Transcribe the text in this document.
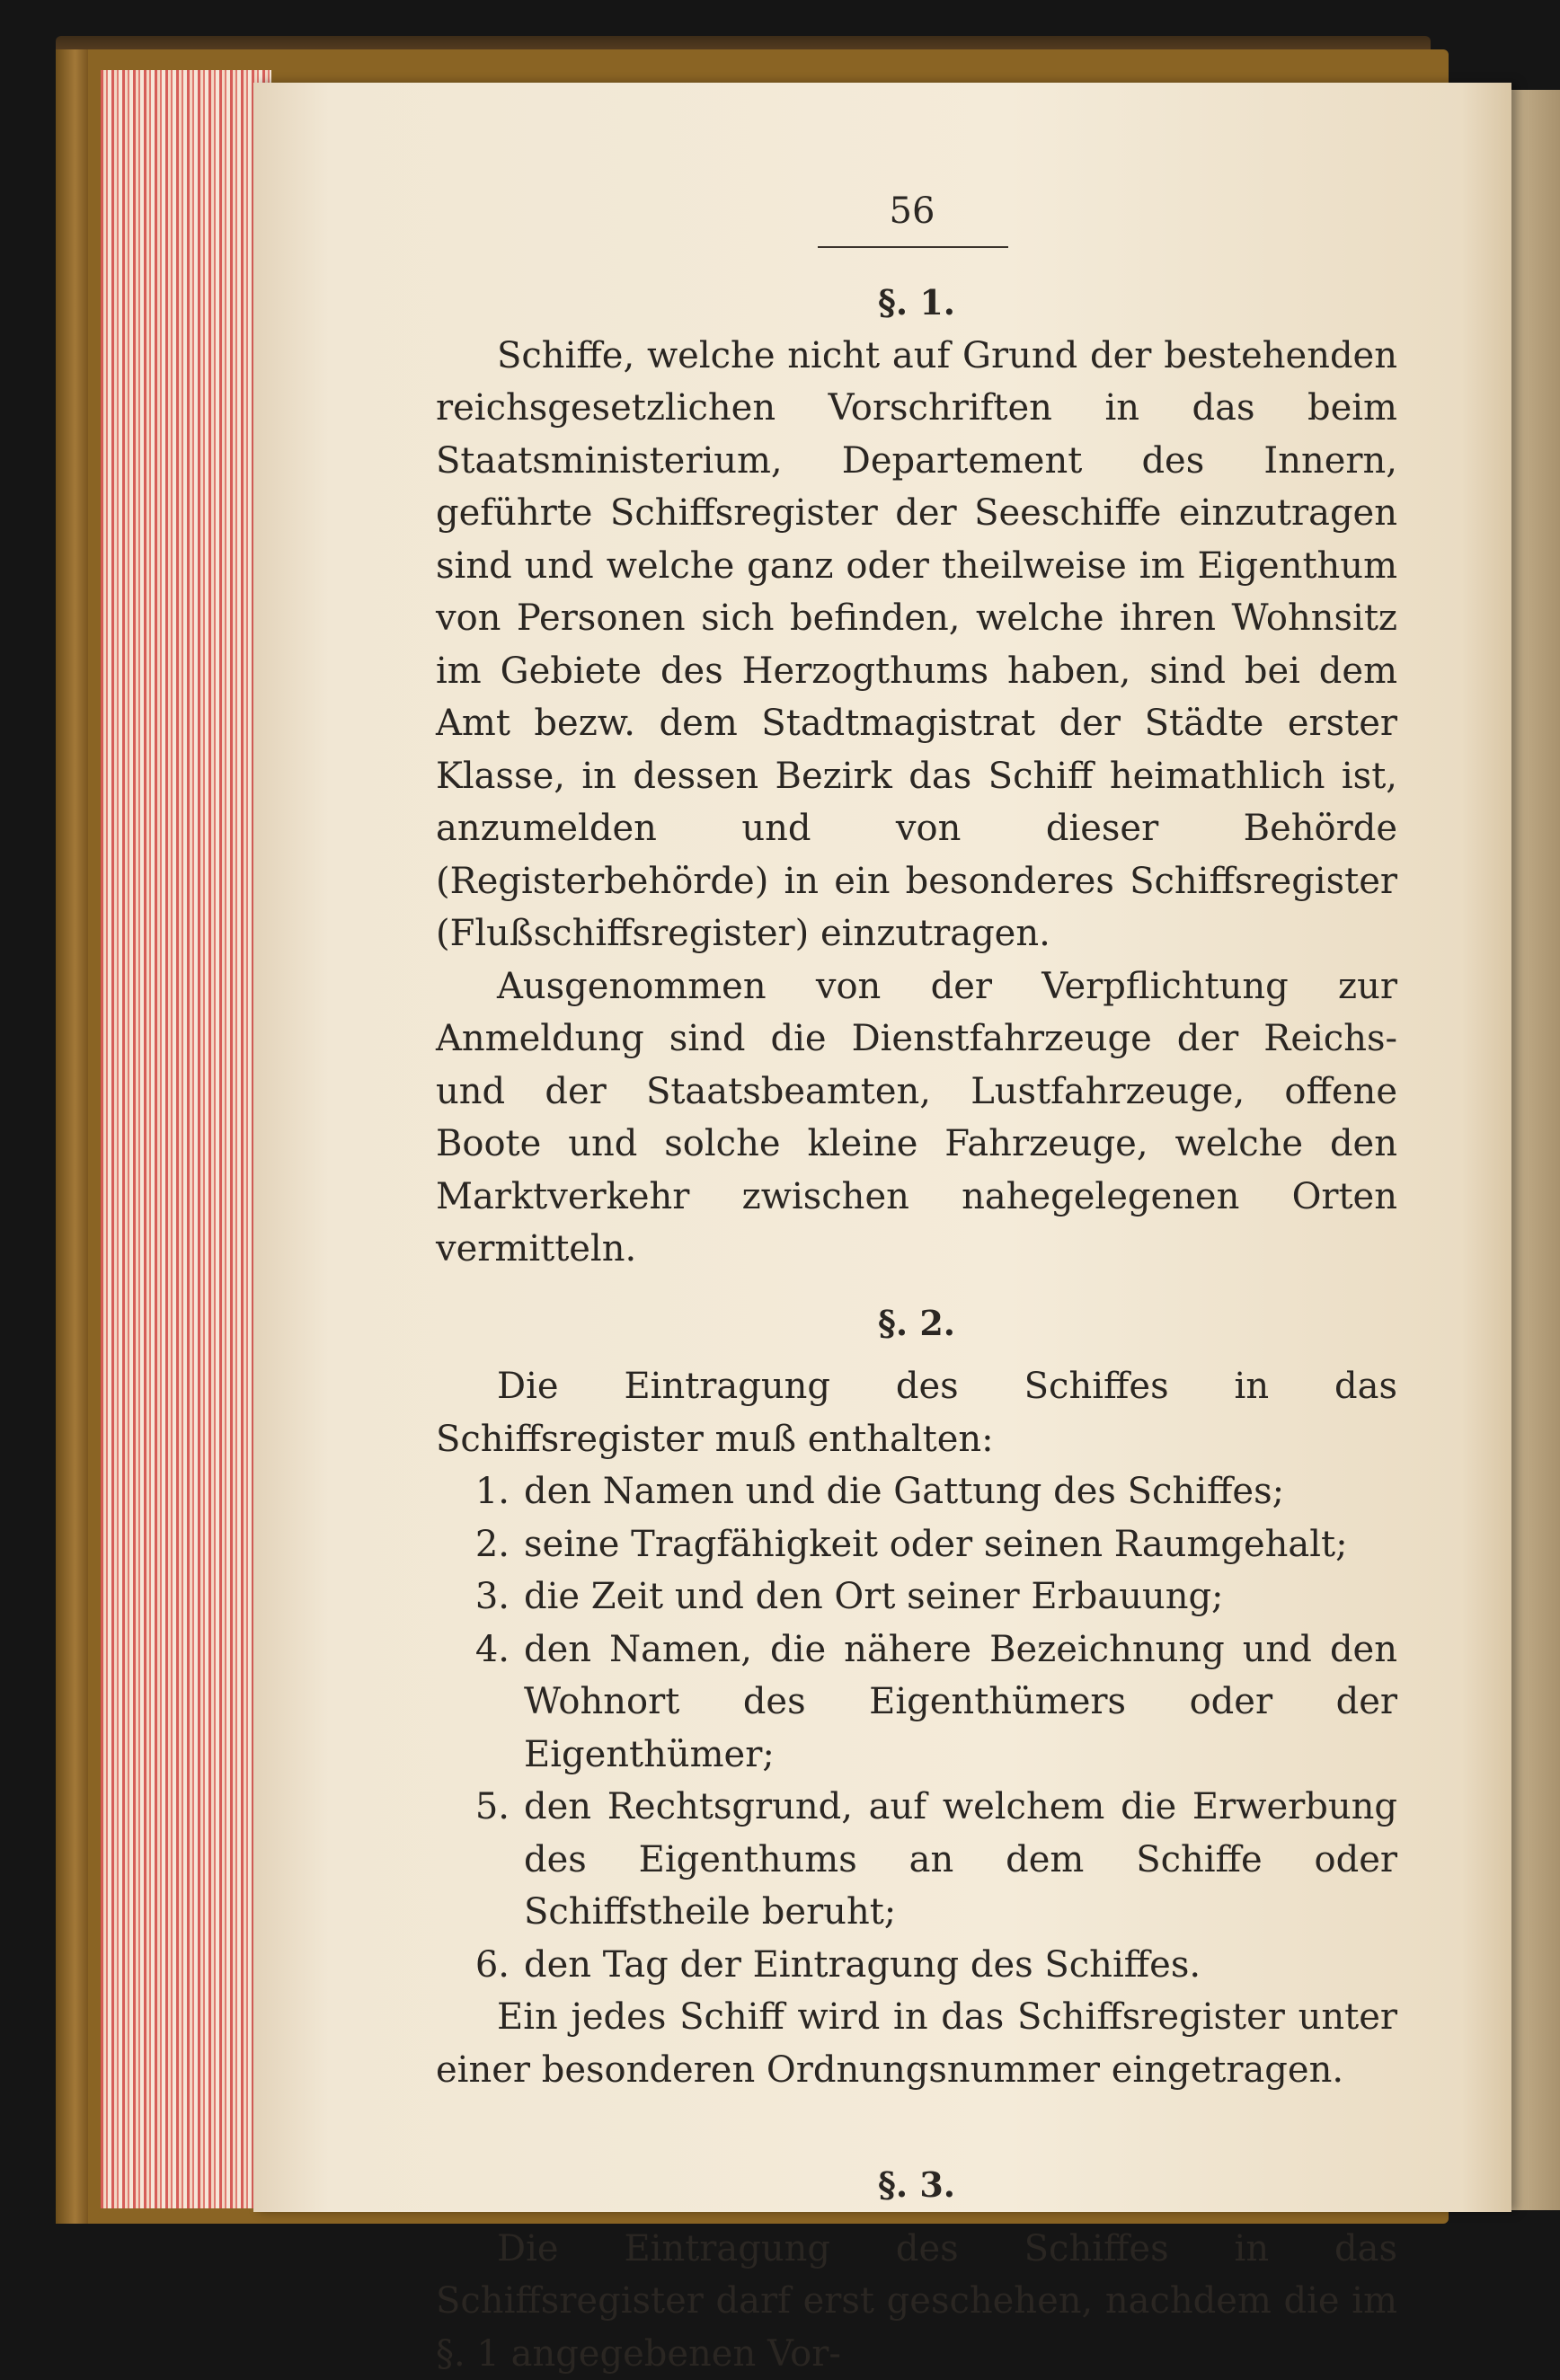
56
§. 1.

Schiffe, welche nicht auf Grund der bestehenden reichsgesetzlichen Vorschriften in das beim Staatsministerium, Departement des Innern, geführte Schiffsregister der Seeschiffe einzutragen sind und welche ganz oder theilweise im Eigenthum von Personen sich befinden, welche ihren Wohnsitz im Gebiete des Herzogthums haben, sind bei dem Amt bezw. dem Stadtmagistrat der Städte erster Klasse, in dessen Bezirk das Schiff heimathlich ist, anzumelden und von dieser Behörde (Registerbehörde) in ein besonderes Schiffsregister (Flußschiffsregister) einzutragen.

Ausgenommen von der Verpflichtung zur Anmeldung sind die Dienstfahrzeuge der Reichs- und der Staatsbeamten, Lustfahrzeuge, offene Boote und solche kleine Fahrzeuge, welche den Marktverkehr zwischen nahegelegenen Orten vermitteln.

§. 2.

Die Eintragung des Schiffes in das Schiffsregister muß enthalten:

1. den Namen und die Gattung des Schiffes;
2. seine Tragfähigkeit oder seinen Raumgehalt;
3. die Zeit und den Ort seiner Erbauung;
4. den Namen, die nähere Bezeichnung und den Wohnort des Eigenthümers oder der Eigenthümer;
5. den Rechtsgrund, auf welchem die Erwerbung des Eigenthums an dem Schiffe oder Schiffstheile beruht;
6. den Tag der Eintragung des Schiffes.

Ein jedes Schiff wird in das Schiffsregister unter einer besonderen Ordnungsnummer eingetragen.

§. 3.

Die Eintragung des Schiffes in das Schiffsregister darf erst geschehen, nachdem die im §. 1 angegebenen Vor-
